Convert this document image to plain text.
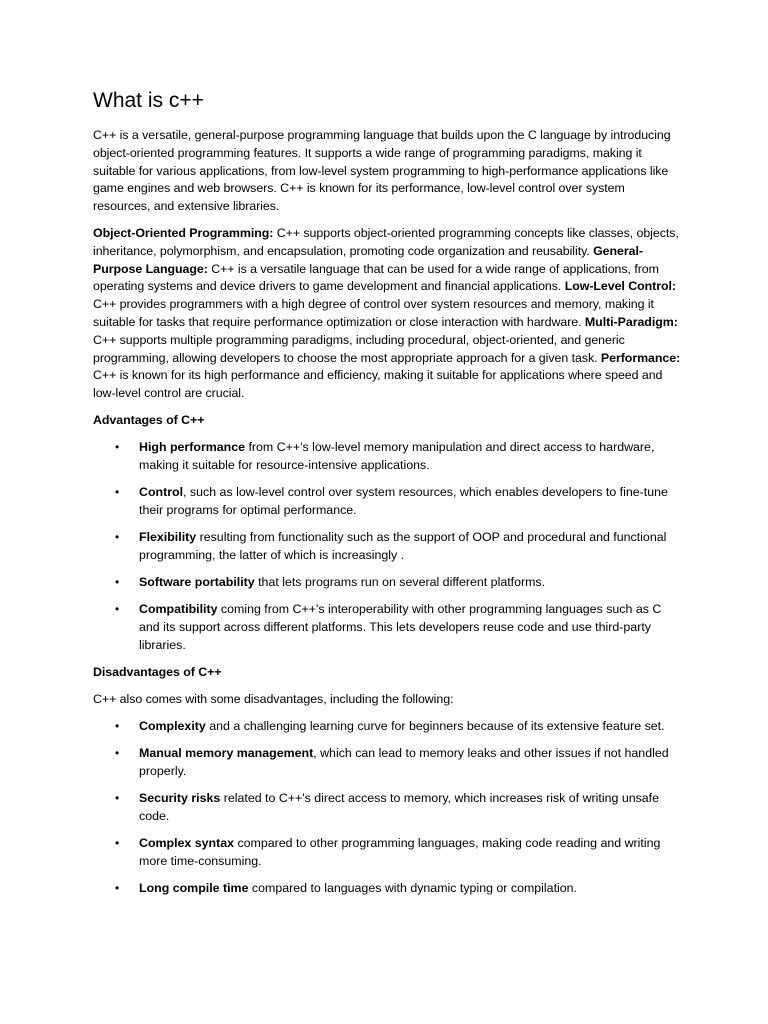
What is c++

C++ is a versatile, general-purpose programming language that builds upon the C language by introducing object-oriented programming features. It supports a wide range of programming paradigms, making it suitable for various applications, from low-level system programming to high-performance applications like game engines and web browsers. C++ is known for its performance, low-level control over system resources, and extensive libraries.

Object-Oriented Programming: C++ supports object-oriented programming concepts like classes, objects, inheritance, polymorphism, and encapsulation, promoting code organization and reusability. General-Purpose Language: C++ is a versatile language that can be used for a wide range of applications, from operating systems and device drivers to game development and financial applications. Low-Level Control: C++ provides programmers with a high degree of control over system resources and memory, making it suitable for tasks that require performance optimization or close interaction with hardware. Multi-Paradigm: C++ supports multiple programming paradigms, including procedural, object-oriented, and generic programming, allowing developers to choose the most appropriate approach for a given task. Performance: C++ is known for its high performance and efficiency, making it suitable for applications where speed and low-level control are crucial.

Advantages of C++

• High performance from C++'s low-level memory manipulation and direct access to hardware, making it suitable for resource-intensive applications.
• Control, such as low-level control over system resources, which enables developers to fine-tune their programs for optimal performance.
• Flexibility resulting from functionality such as the support of OOP and procedural and functional programming, the latter of which is increasingly .
• Software portability that lets programs run on several different platforms.
• Compatibility coming from C++'s interoperability with other programming languages such as C and its support across different platforms. This lets developers reuse code and use third-party libraries.

Disadvantages of C++

C++ also comes with some disadvantages, including the following:

• Complexity and a challenging learning curve for beginners because of its extensive feature set.
• Manual memory management, which can lead to memory leaks and other issues if not handled properly.
• Security risks related to C++'s direct access to memory, which increases risk of writing unsafe code.
• Complex syntax compared to other programming languages, making code reading and writing more time-consuming.
• Long compile time compared to languages with dynamic typing or compilation.
